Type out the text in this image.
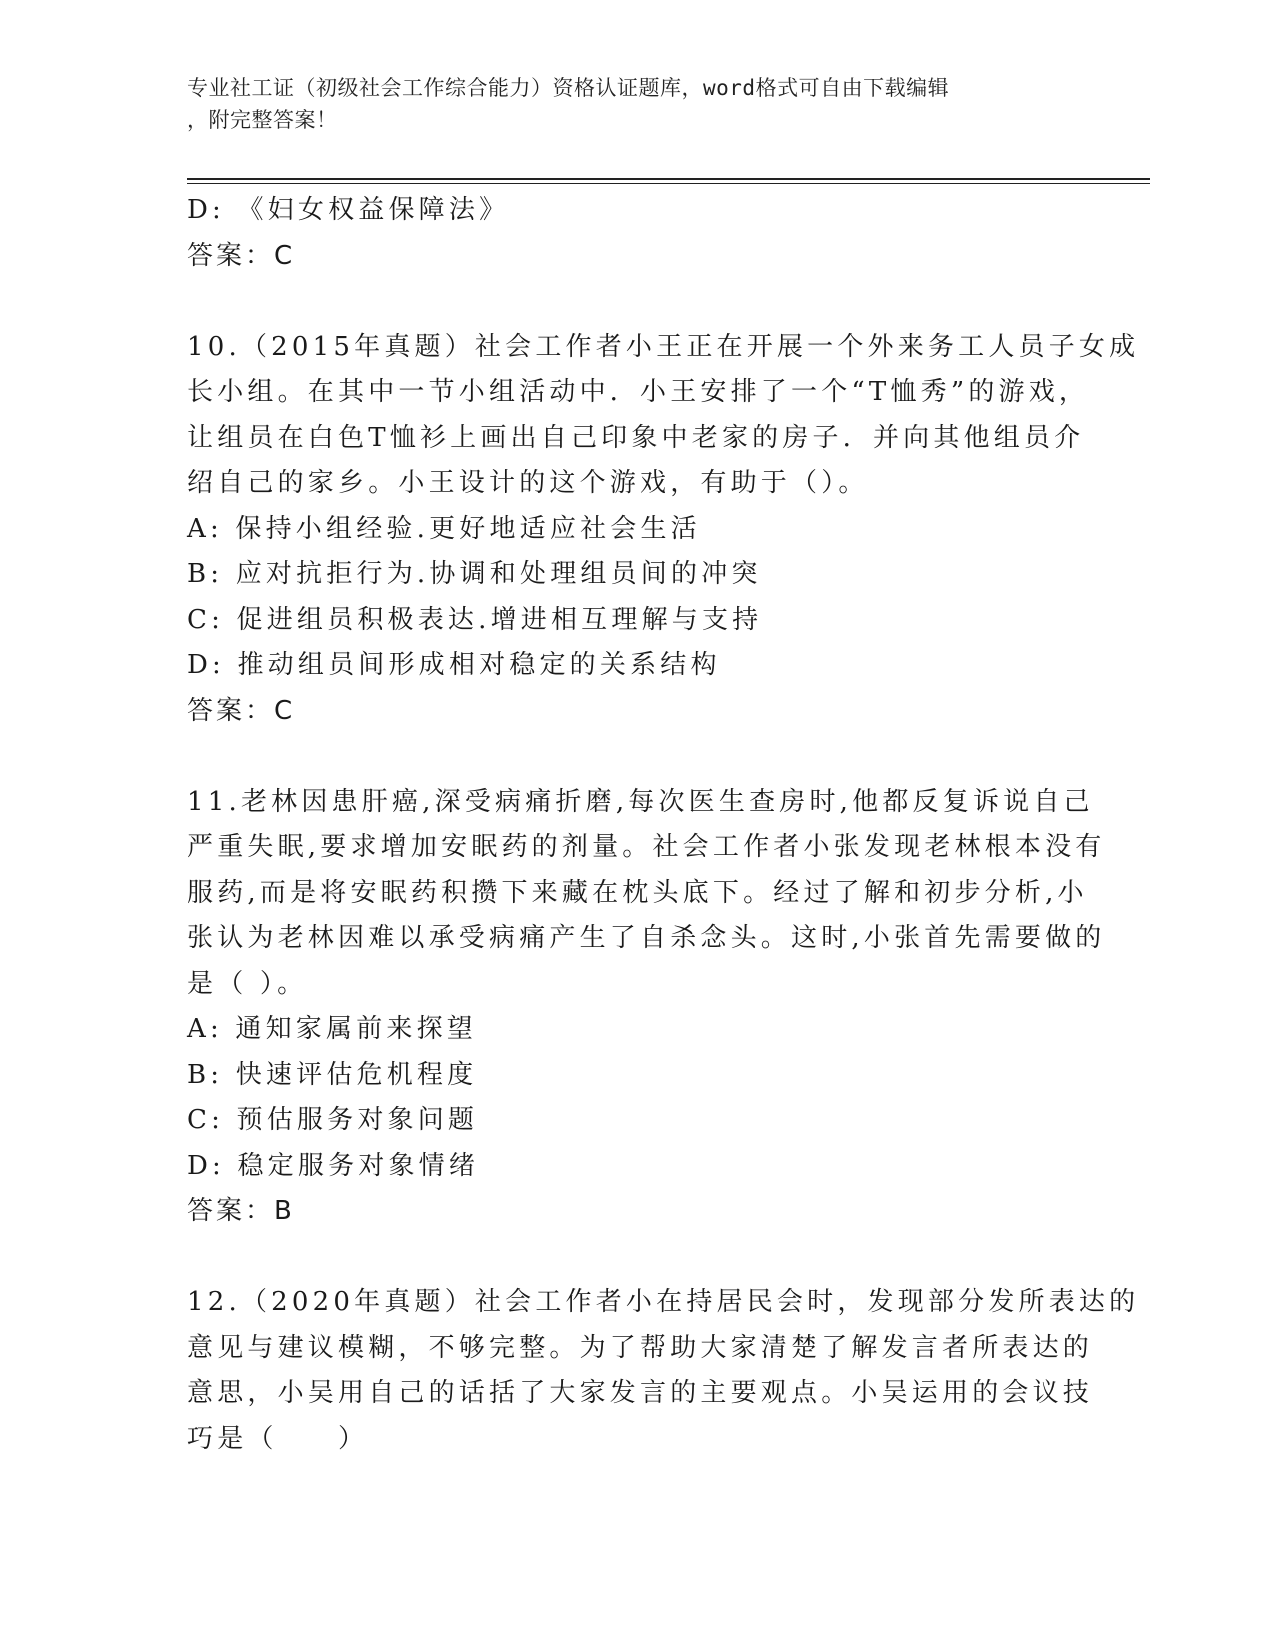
专业社工证（初级社会工作综合能力）资格认证题库，word格式可自由下载编辑
，附完整答案！

D: 《妇女权益保障法》

答案：C

10.（2015年真题）社会工作者小王正在开展一个外来务工人员子女成

长小组。在其中一节小组活动中．小王安排了一个“T恤秀”的游戏，

让组员在白色T恤衫上画出自己印象中老家的房子．并向其他组员介

绍自己的家乡。小王设计的这个游戏，有助于（）。

A: 保持小组经验.更好地适应社会生活

B: 应对抗拒行为.协调和处理组员间的冲突

C: 促进组员积极表达.增进相互理解与支持

D: 推动组员间形成相对稳定的关系结构

答案：C

11.老林因患肝癌,深受病痛折磨,每次医生查房时,他都反复诉说自己

严重失眠,要求增加安眠药的剂量。社会工作者小张发现老林根本没有

服药,而是将安眠药积攒下来藏在枕头底下。经过了解和初步分析,小

张认为老林因难以承受病痛产生了自杀念头。这时,小张首先需要做的

是（ ）。

A: 通知家属前来探望

B: 快速评估危机程度

C: 预估服务对象问题

D: 稳定服务对象情绪

答案：B

12.（2020年真题）社会工作者小在持居民会时，发现部分发所表达的

意见与建议模糊，不够完整。为了帮助大家清楚了解发言者所表达的

意思，小吴用自己的话括了大家发言的主要观点。小吴运用的会议技

巧是（　　）
